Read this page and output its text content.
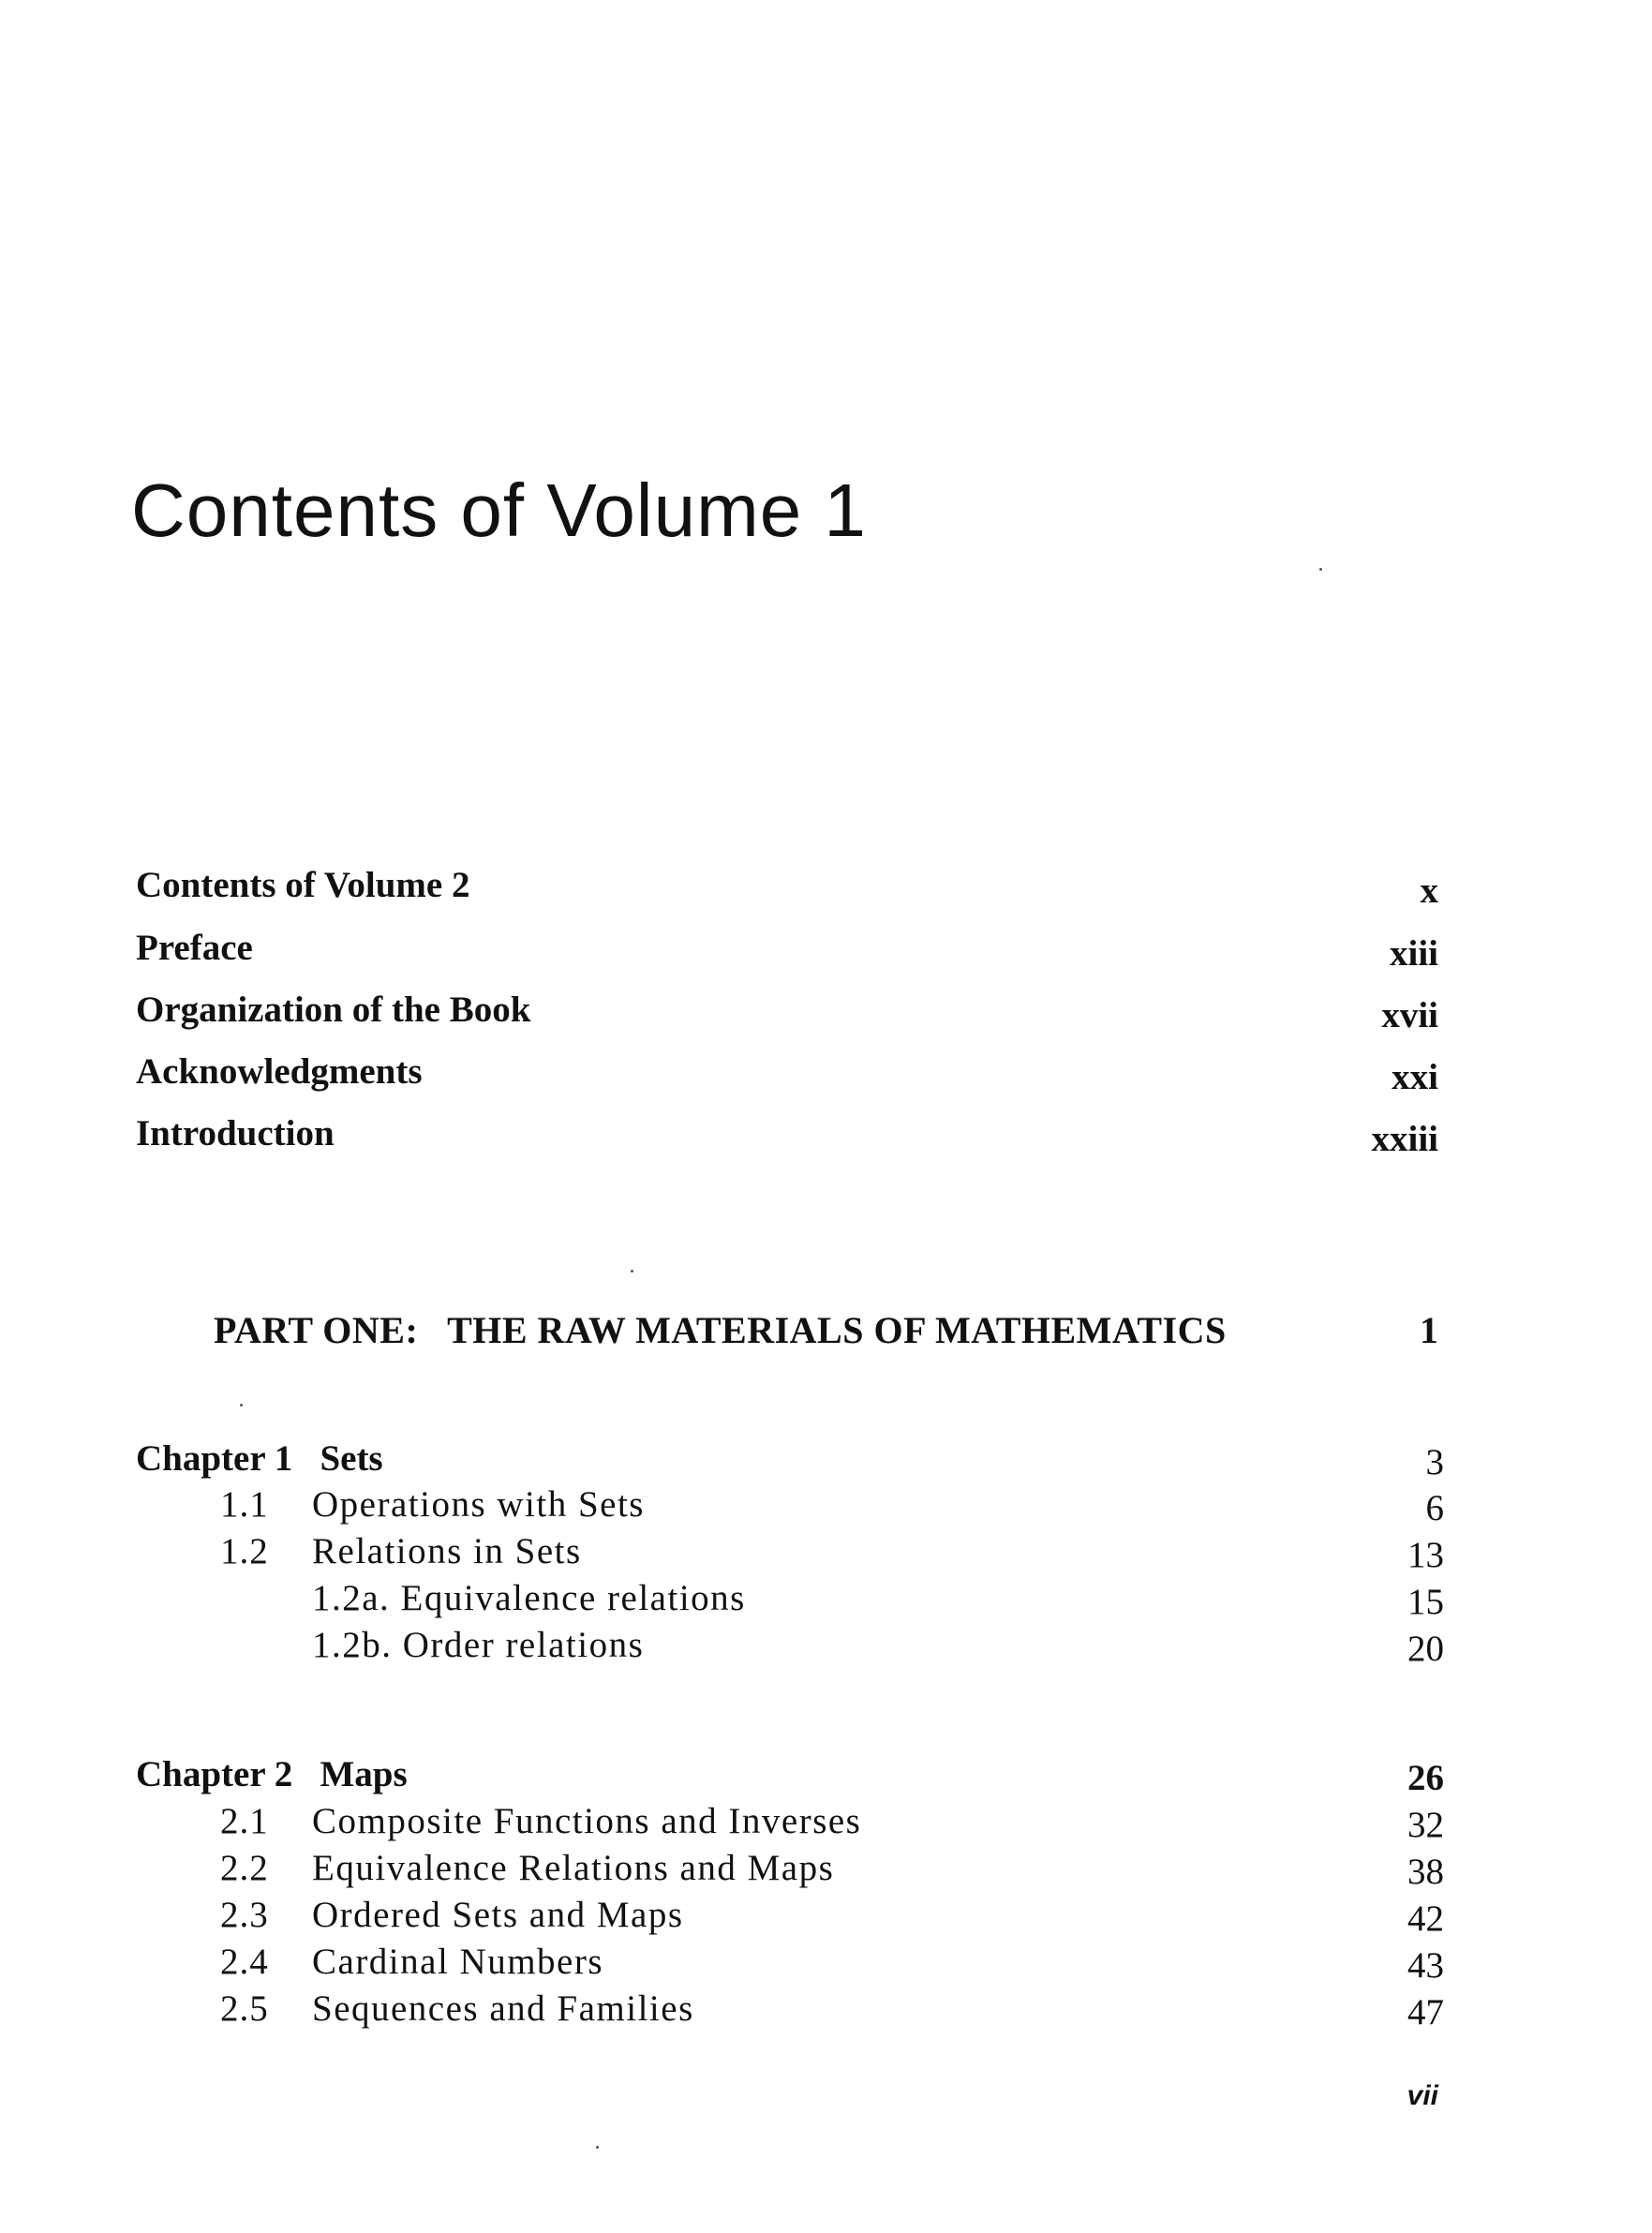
Contents of Volume 1
Contents of Volume 2	x
Preface	xiii
Organization of the Book	xvii
Acknowledgments	xxi
Introduction	xxiii
PART ONE:   THE RAW MATERIALS OF MATHEMATICS	1
Chapter 1   Sets	3
1.1 Operations with Sets	6
1.2 Relations in Sets	13
1.2a. Equivalence relations	15
1.2b. Order relations	20
Chapter 2   Maps	26
2.1 Composite Functions and Inverses	32
2.2 Equivalence Relations and Maps	38
2.3 Ordered Sets and Maps	42
2.4 Cardinal Numbers	43
2.5 Sequences and Families	47
vii
